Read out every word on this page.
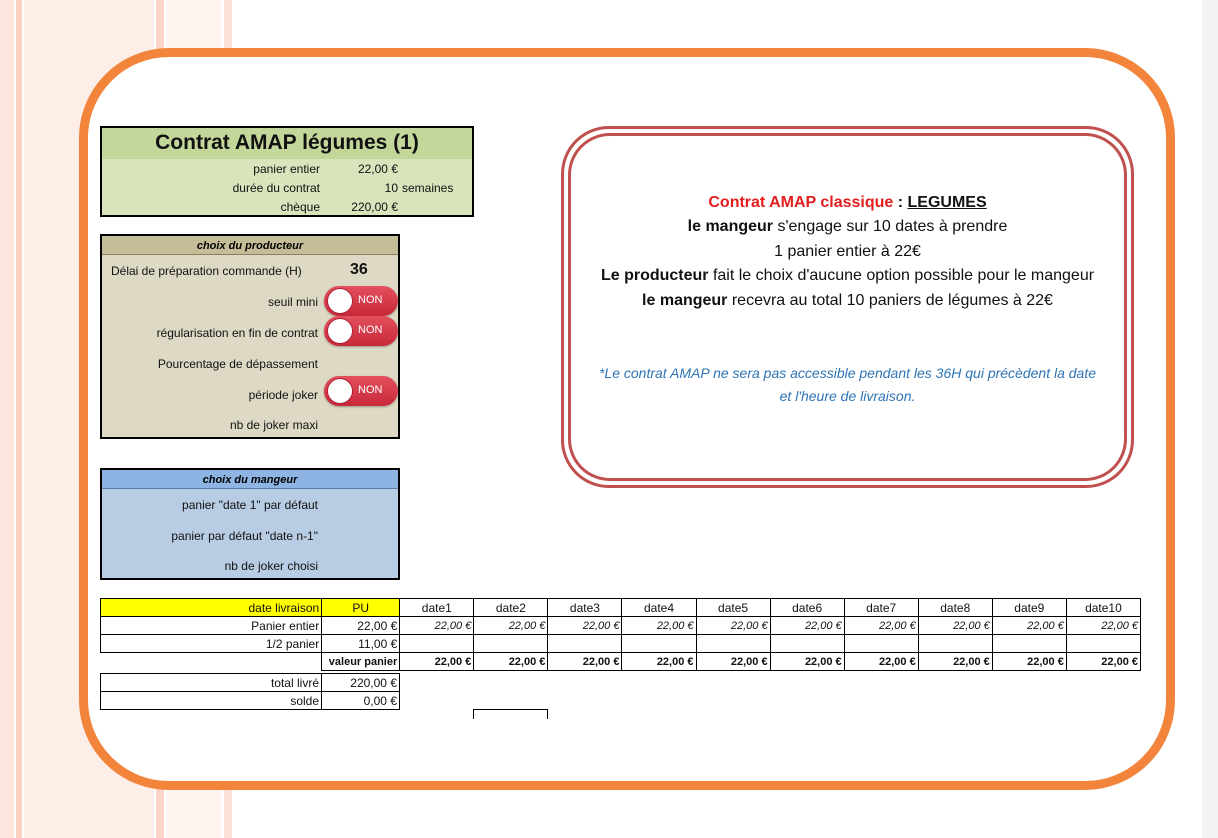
Contrat AMAP légumes (1)
panier entier	22,00 €
durée du contrat	10 semaines
chèque	220,00 €
choix du producteur
Délai de préparation commande (H)	36
seuil mini	NON
régularisation en fin de contrat	NON
Pourcentage de dépassement
période joker	NON
nb de joker maxi
choix du mangeur
panier "date 1" par défaut
panier par défaut "date n-1"
nb de joker choisi

Contrat AMAP classique : LEGUMES

le mangeur s'engage sur 10 dates à prendre

1 panier entier à 22€

Le producteur fait le choix d'aucune option possible pour le mangeur

le mangeur recevra au total 10 paniers de légumes à 22€

*Le contrat AMAP ne sera pas accessible pendant les 36H qui précèdent la date et l'heure de livraison.
date livraison	PU	date1	date2	date3	date4	date5	date6	date7	date8	date9	date10
Panier entier	22,00 €	22,00 €	22,00 €	22,00 €	22,00 €	22,00 €	22,00 €	22,00 €	22,00 €	22,00 €	22,00 €
1/2 panier	11,00 €										
	valeur panier	22,00 €	22,00 €	22,00 €	22,00 €	22,00 €	22,00 €	22,00 €	22,00 €	22,00 €	22,00 €
total livré	220,00 €
solde	0,00 €
